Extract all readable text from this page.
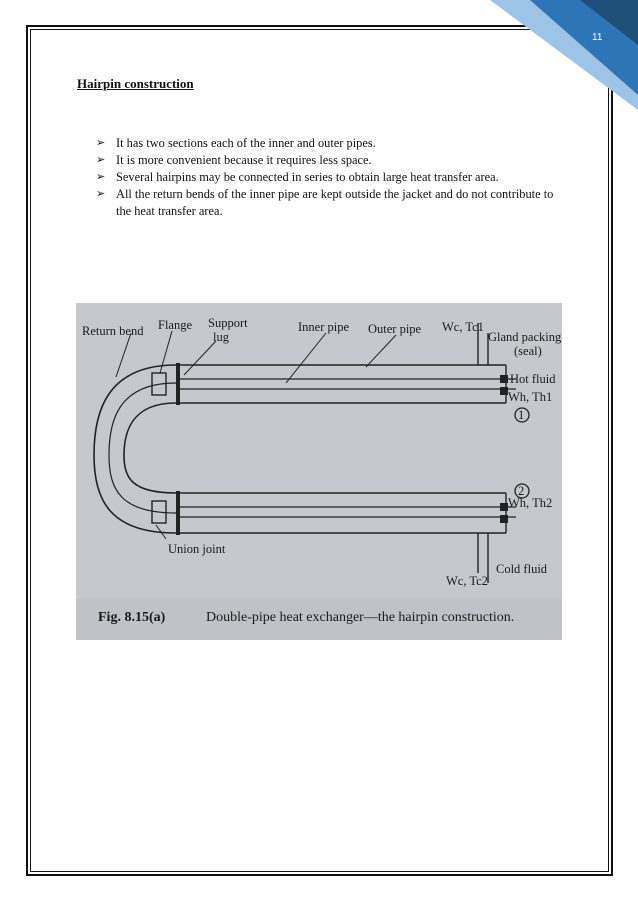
11
Hairpin construction
➢ It has two sections each of the inner and outer pipes.
➢ It is more convenient because it requires less space.
➢ Several hairpins may be connected in series to obtain large heat transfer area.
➢ All the return bends of the inner pipe are kept outside the jacket and do not contribute to the heat transfer area.
Return bend Flange Support
lug
Inner pipe Outer pipe Wc, Tc1
Gland packing
(seal)
Hot fluid
Wh, Th1
1
2
Wh, Th2
Union joint
Wc, Tc2
Cold fluid
Fig. 8.15(a)	Double-pipe heat exchanger—the hairpin construction.
